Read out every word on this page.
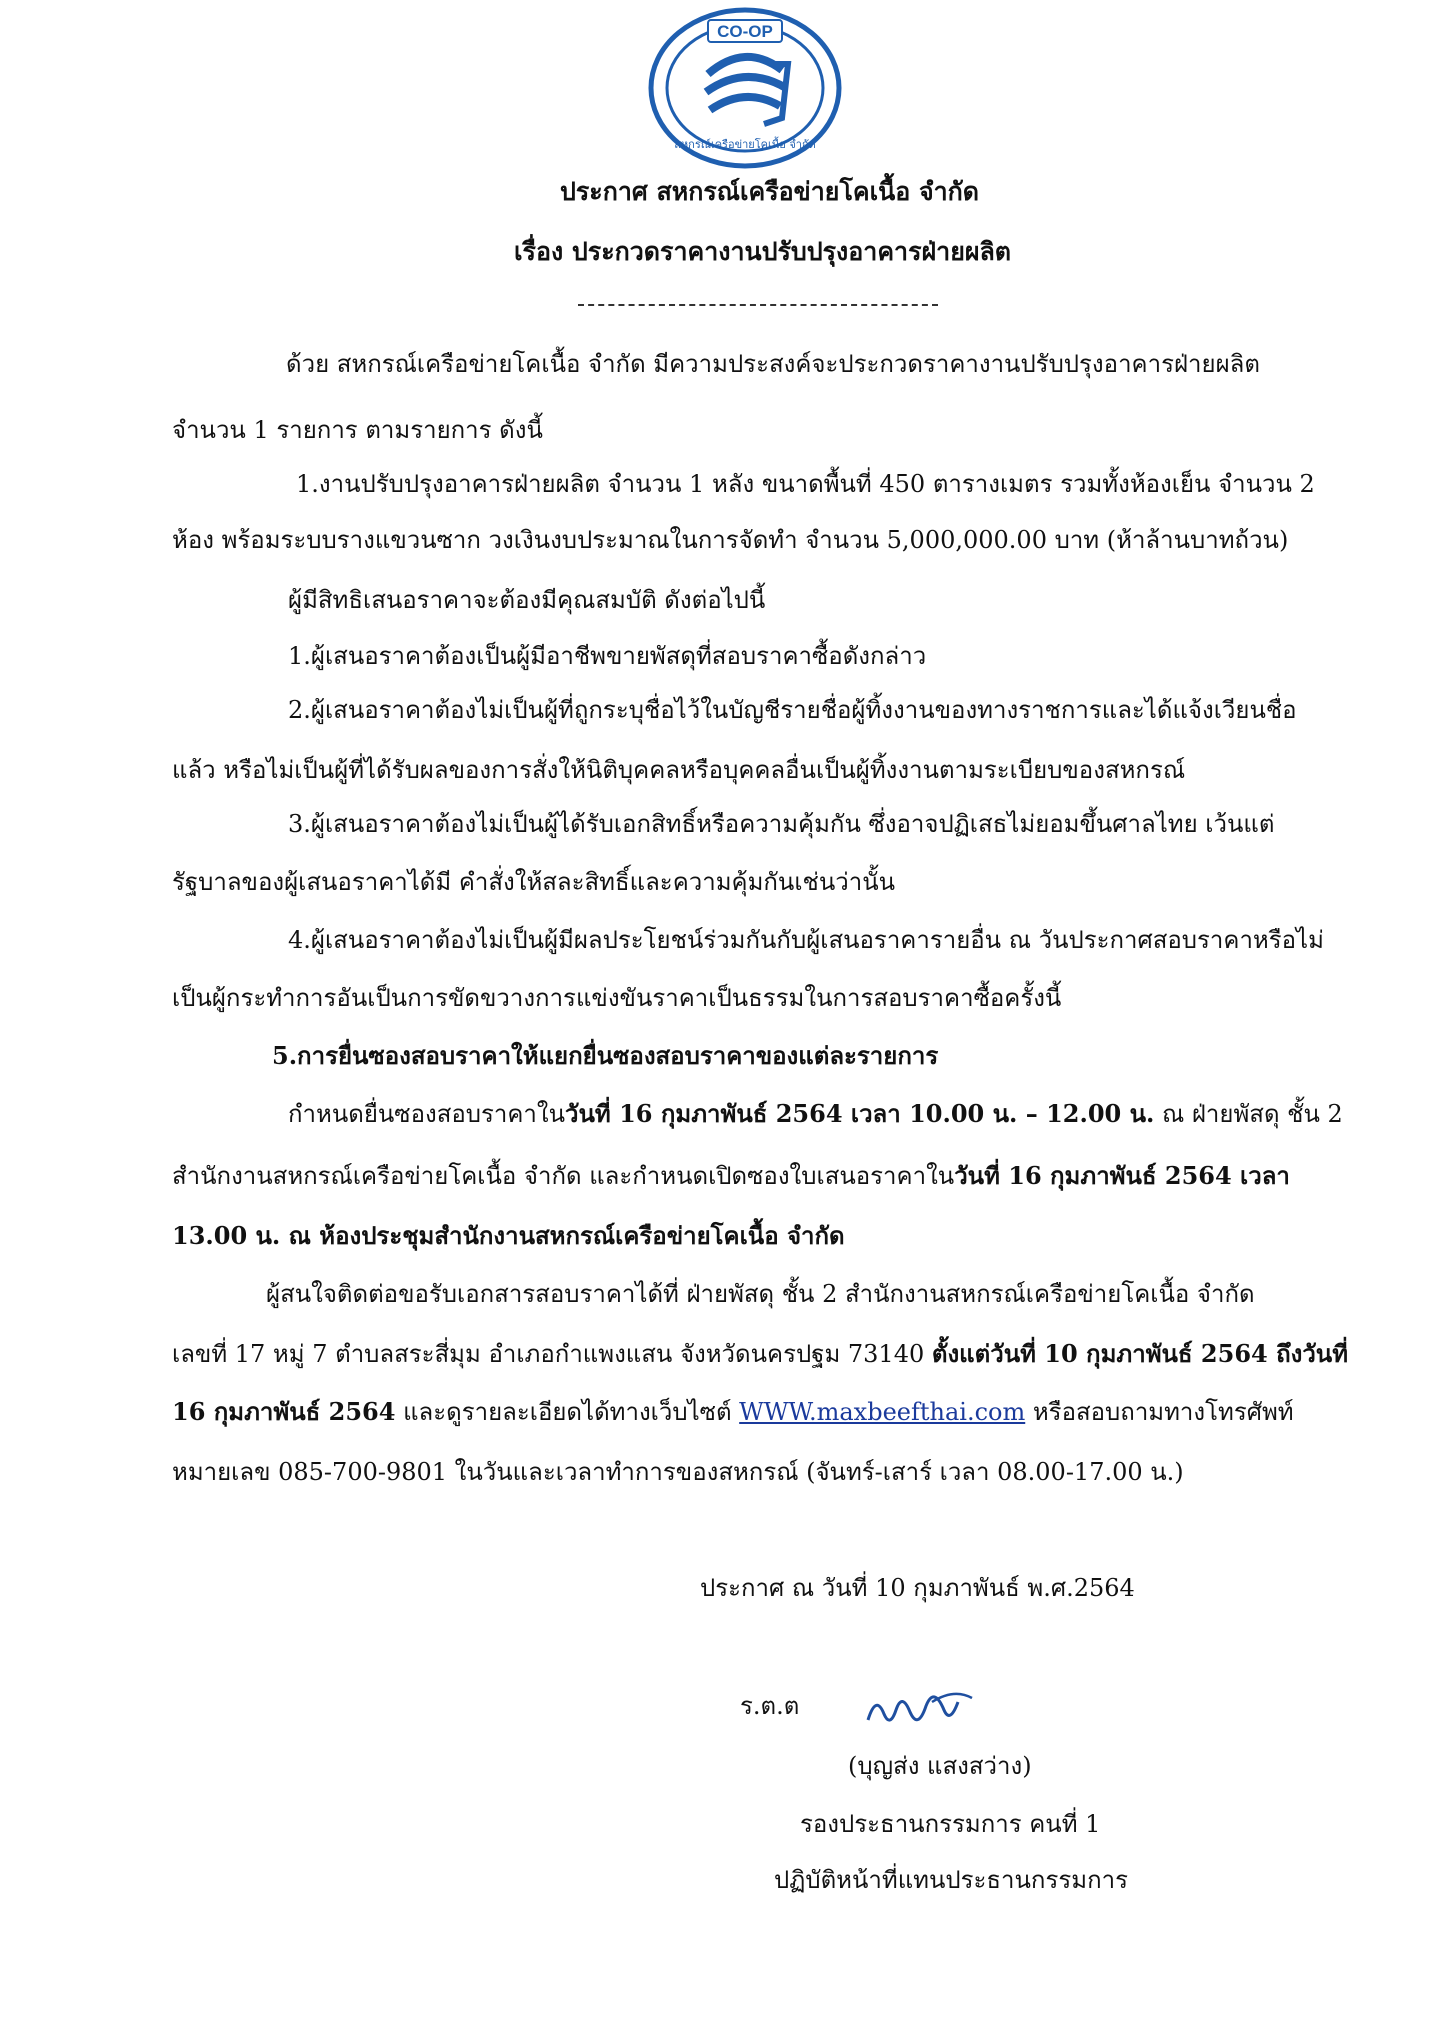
CO-OP
สหกรณ์เครือข่ายโคเนื้อ จำกัด
ประกาศ สหกรณ์เครือข่ายโคเนื้อ จำกัด
เรื่อง ประกวดราคางานปรับปรุงอาคารฝ่ายผลิต
ด้วย สหกรณ์เครือข่ายโคเนื้อ จำกัด มีความประสงค์จะประกวดราคางานปรับปรุงอาคารฝ่ายผลิต
จำนวน 1 รายการ ตามรายการ ดังนี้
1.งานปรับปรุงอาคารฝ่ายผลิต จำนวน 1 หลัง ขนาดพื้นที่ 450 ตารางเมตร รวมทั้งห้องเย็น จำนวน 2
ห้อง พร้อมระบบรางแขวนซาก วงเงินงบประมาณในการจัดทำ จำนวน 5,000,000.00 บาท (ห้าล้านบาทถ้วน)
ผู้มีสิทธิเสนอราคาจะต้องมีคุณสมบัติ ดังต่อไปนี้
1.ผู้เสนอราคาต้องเป็นผู้มีอาชีพขายพัสดุที่สอบราคาซื้อดังกล่าว
2.ผู้เสนอราคาต้องไม่เป็นผู้ที่ถูกระบุชื่อไว้ในบัญชีรายชื่อผู้ทิ้งงานของทางราชการและได้แจ้งเวียนชื่อ
แล้ว หรือไม่เป็นผู้ที่ได้รับผลของการสั่งให้นิติบุคคลหรือบุคคลอื่นเป็นผู้ทิ้งงานตามระเบียบของสหกรณ์
3.ผู้เสนอราคาต้องไม่เป็นผู้ได้รับเอกสิทธิ์หรือความคุ้มกัน ซึ่งอาจปฏิเสธไม่ยอมขึ้นศาลไทย เว้นแต่
รัฐบาลของผู้เสนอราคาได้มี คำสั่งให้สละสิทธิ์และความคุ้มกันเช่นว่านั้น
4.ผู้เสนอราคาต้องไม่เป็นผู้มีผลประโยชน์ร่วมกันกับผู้เสนอราคารายอื่น ณ วันประกาศสอบราคาหรือไม่
เป็นผู้กระทำการอันเป็นการขัดขวางการแข่งขันราคาเป็นธรรมในการสอบราคาซื้อครั้งนี้
5.การยื่นซองสอบราคาให้แยกยื่นซองสอบราคาของแต่ละรายการ
กำหนดยื่นซองสอบราคาในวันที่ 16 กุมภาพันธ์ 2564 เวลา 10.00 น. – 12.00 น. ณ ฝ่ายพัสดุ ชั้น 2
สำนักงานสหกรณ์เครือข่ายโคเนื้อ จำกัด และกำหนดเปิดซองใบเสนอราคาในวันที่ 16 กุมภาพันธ์ 2564 เวลา
13.00 น. ณ ห้องประชุมสำนักงานสหกรณ์เครือข่ายโคเนื้อ จำกัด
ผู้สนใจติดต่อขอรับเอกสารสอบราคาได้ที่ ฝ่ายพัสดุ ชั้น 2 สำนักงานสหกรณ์เครือข่ายโคเนื้อ จำกัด
เลขที่ 17 หมู่ 7 ตำบลสระสี่มุม อำเภอกำแพงแสน จังหวัดนครปฐม 73140 ตั้งแต่วันที่ 10 กุมภาพันธ์ 2564 ถึงวันที่
16 กุมภาพันธ์ 2564 และดูรายละเอียดได้ทางเว็บไซต์ WWW.maxbeefthai.com หรือสอบถามทางโทรศัพท์
หมายเลข 085-700-9801 ในวันและเวลาทำการของสหกรณ์ (จันทร์-เสาร์ เวลา 08.00-17.00 น.)
ประกาศ ณ วันที่ 10 กุมภาพันธ์ พ.ศ.2564
ร.ต.ต
(บุญส่ง แสงสว่าง)
รองประธานกรรมการ คนที่ 1
ปฏิบัติหน้าที่แทนประธานกรรมการ
